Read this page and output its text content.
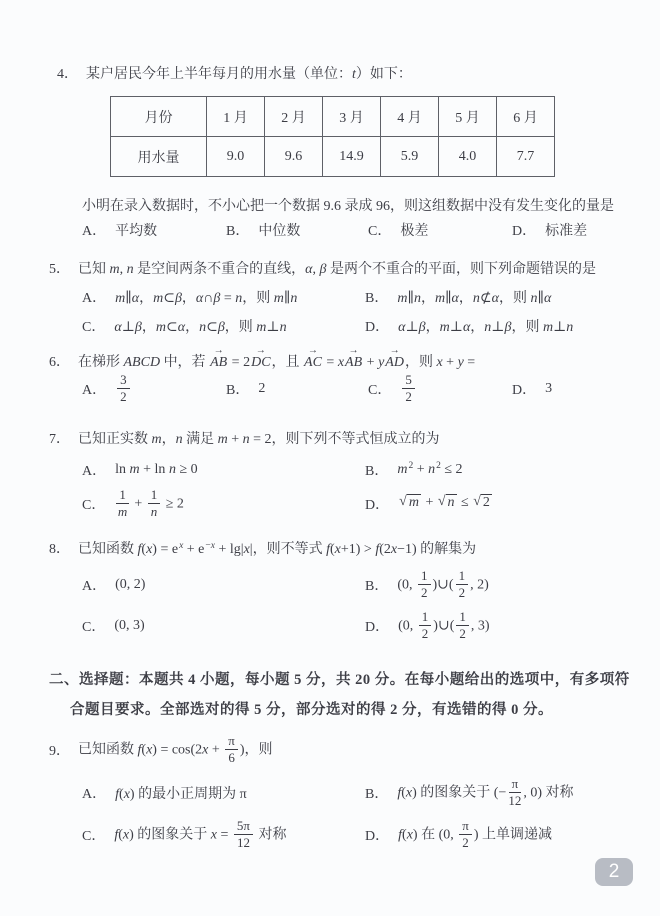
4． 某户居民今年上半年每月的用水量（单位：t）如下：
月份	1 月	2 月	3 月	4 月	5 月	6 月
用水量	9.0	9.6	14.9	5.9	4.0	7.7
小明在录入数据时，不小心把一个数据 9.6 录成 96，则这组数据中没有发生变化的量是
A． 平均数	B． 中位数	C． 极差	D． 标准差
5． 已知 m, n 是空间两条不重合的直线，α, β 是两个不重合的平面，则下列命题错误的是
A． m∥α，m⊂β，α∩β = n，则 m∥n	B． m∥n，m∥α，n⊄α，则 n∥α
C． α⊥β，m⊂α，n⊂β，则 m⊥n	D． α⊥β，m⊥α，n⊥β，则 m⊥n
6． 在梯形 ABCD 中，若 → AB = 2→ DC，且 → AC = x→ AB + y→ AD，则 x + y =
A． $\frac{3}{2}$	B． 2	C． $\frac{5}{2}$	D． 3
7． 已知正实数 m，n 满足 m + n = 2，则下列不等式恒成立的为
A． ln m + ln n ≥ 0	B． $m^2 + n^2 \le 2$
C． $\frac{1}{m} + \frac{1}{n} \ge 2$	D． √ m + √ n ≤ √ 2
8． 已知函数 $f(x) = e^x + e^{-x} + \lg|x|$，则不等式 f(x+1) > f(2x−1) 的解集为
A． (0, 2)	B． (0, $\frac{1}{2}$ )∪( $\frac{1}{2}$ , 2)
C． (0, 3)	D． (0, $\frac{1}{2}$ )∪( $\frac{1}{2}$ , 3)
二、 选择题：本题共 4 小题，每小题 5 分，共 20 分。在每小题给出的选项中，有多项符
合题目要求。全部选对的得 5 分，部分选对的得 2 分，有选错的得 0 分。
9． 已知函数 $f(x) = \cos(2x + \frac{\pi}{6}$ )，则
A． f(x) 的最小正周期为 π	B． f(x) 的图象关于 (− $\frac{\pi}{12}$ , 0) 对称
C． f(x) 的图象关于 $x = \frac{5\pi}{12}$ 对称	D． f(x) 在 (0, $\frac{\pi}{2}$ ) 上单调递减
2
